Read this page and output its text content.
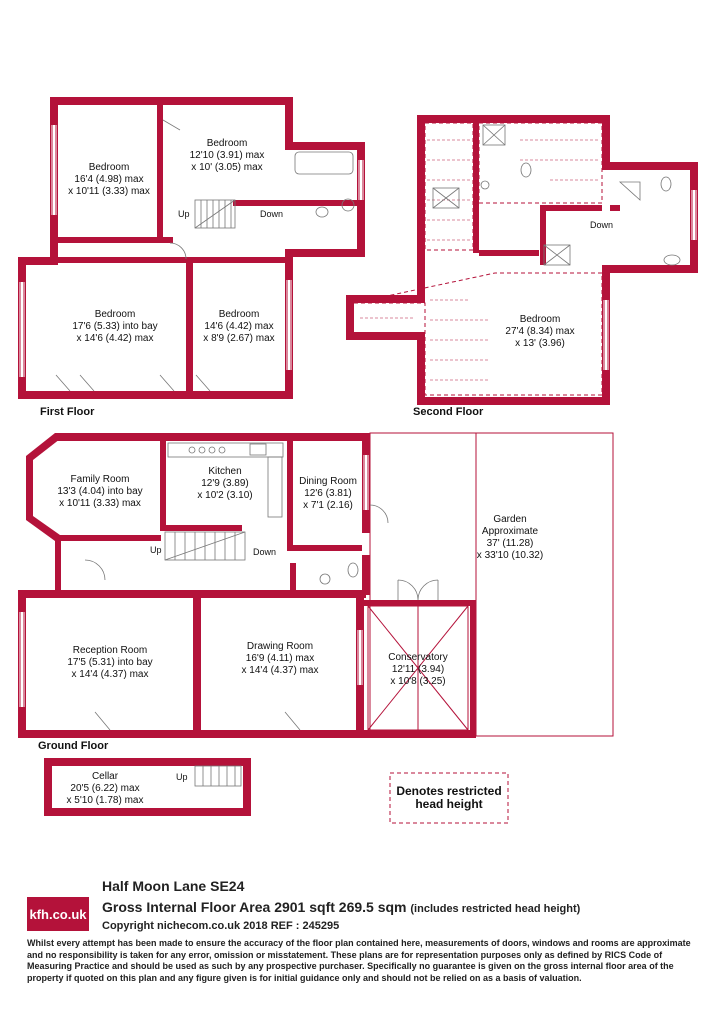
First Floor	Second Floor
Ground Floor
Bedroom
16'4 (4.98) max
x 10'11 (3.33) max
Bedroom
12'10 (3.91) max
x 10' (3.05) max
Bedroom
17'6 (5.33) into bay
x 14'6 (4.42) max
Bedroom
14'6 (4.42) max
x 8'9 (2.67) max
Bedroom
27'4 (8.34) max
x 13' (3.96)
Family Room
13'3 (4.04) into bay
x 10'11 (3.33) max
Kitchen
12'9 (3.89)
x 10'2 (3.10)
Dining Room
12'6 (3.81)
x 7'1 (2.16)
Garden
Approximate
37' (11.28)
x 33'10 (10.32)
Reception Room
17'5 (5.31) into bay
x 14'4 (4.37) max
Drawing Room
16'9 (4.11) max
x 14'4 (4.37) max
Conservatory
12'11 (3.94)
x 10'8 (3.25)
Cellar
20'5 (6.22) max
x 5'10 (1.78) max
Up	Down
Down
Up	Down
Up
Denotes restricted
head height
kfh.co.uk
Half Moon Lane SE24
Gross Internal Floor Area 2901 sqft 269.5 sqm (includes restricted head height)
Copyright nichecom.co.uk 2018 REF : 245295
Whilst every attempt has been made to ensure the accuracy of the floor plan contained here, measurements of doors, windows and rooms are approximate and no responsibility is taken for any error, omission or misstatement. These plans are for representation purposes only as defined by RICS Code of Measuring Practice and should be used as such by any prospective purchaser. Specifically no guarantee is given on the gross internal floor area of the property if quoted on this plan and any figure given is for initial guidance only and should not be relied on as a basis of valuation.
